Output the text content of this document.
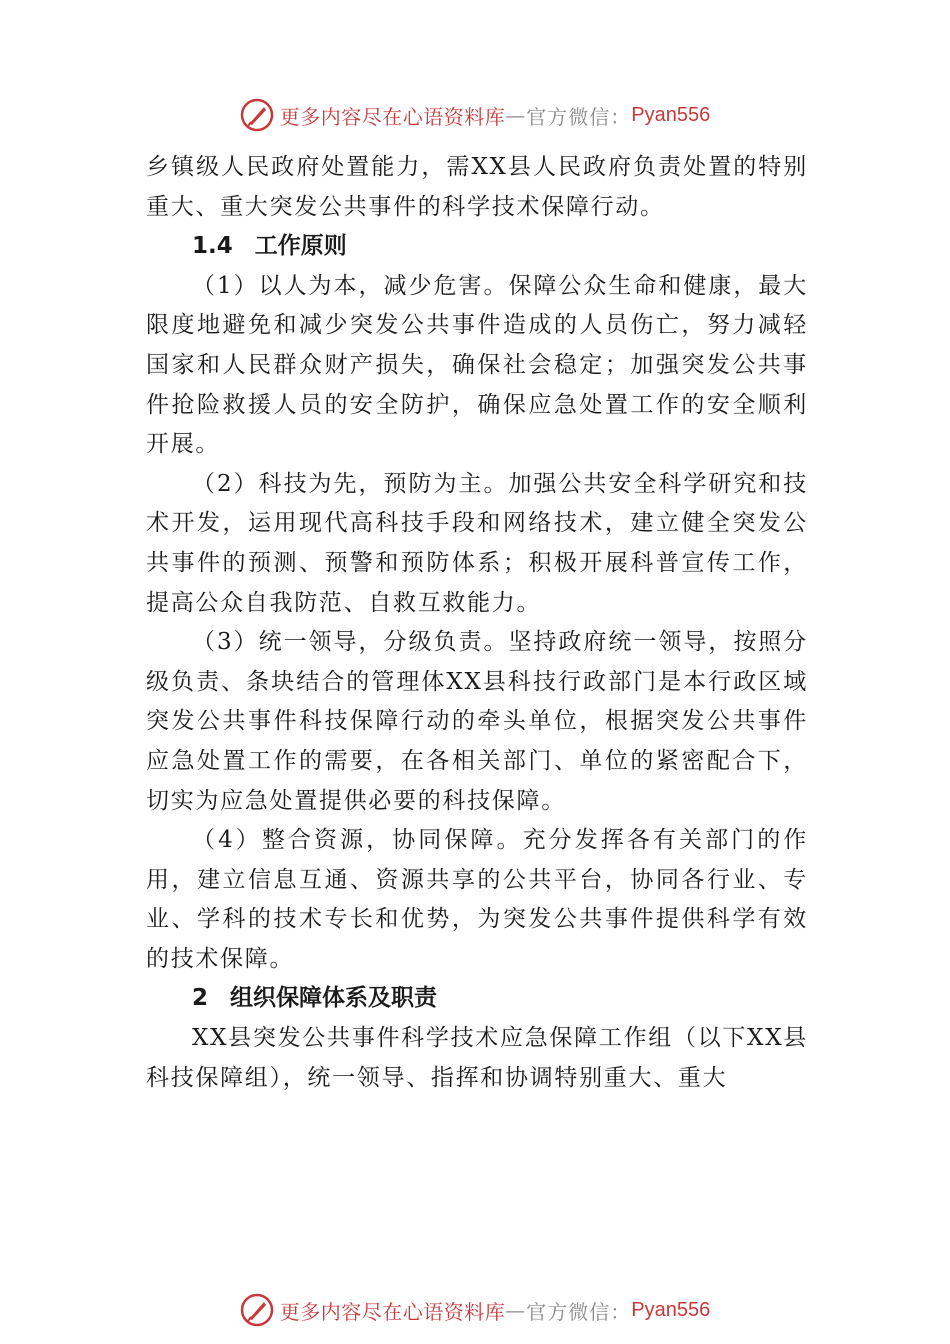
更多内容尽在心语资料库 — 官方微信： Pyan556

乡镇级人民政府处置能力，需XX县人民政府负责处置的特别重大、重大突发公共事件的科学技术保障行动。

1.4 工作原则

（1）以人为本，减少危害。保障公众生命和健康，最大限度地避免和减少突发公共事件造成的人员伤亡，努力减轻国家和人民群众财产损失，确保社会稳定；加强突发公共事件抢险救援人员的安全防护，确保应急处置工作的安全顺利开展。

（2）科技为先，预防为主。加强公共安全科学研究和技术开发，运用现代高科技手段和网络技术，建立健全突发公共事件的预测、预警和预防体系；积极开展科普宣传工作，提高公众自我防范、自救互救能力。

（3）统一领导，分级负责。坚持政府统一领导，按照分级负责、条块结合的管理体XX县科技行政部门是本行政区域突发公共事件科技保障行动的牵头单位，根据突发公共事件应急处置工作的需要，在各相关部门、单位的紧密配合下，切实为应急处置提供必要的科技保障。

（4）整合资源，协同保障。充分发挥各有关部门的作用，建立信息互通、资源共享的公共平台，协同各行业、专业、学科的技术专长和优势，为突发公共事件提供科学有效的技术保障。

2 组织保障体系及职责

XX县突发公共事件科学技术应急保障工作组（以下XX县科技保障组），统一领导、指挥和协调特别重大、重大

更多内容尽在心语资料库 — 官方微信： Pyan556
